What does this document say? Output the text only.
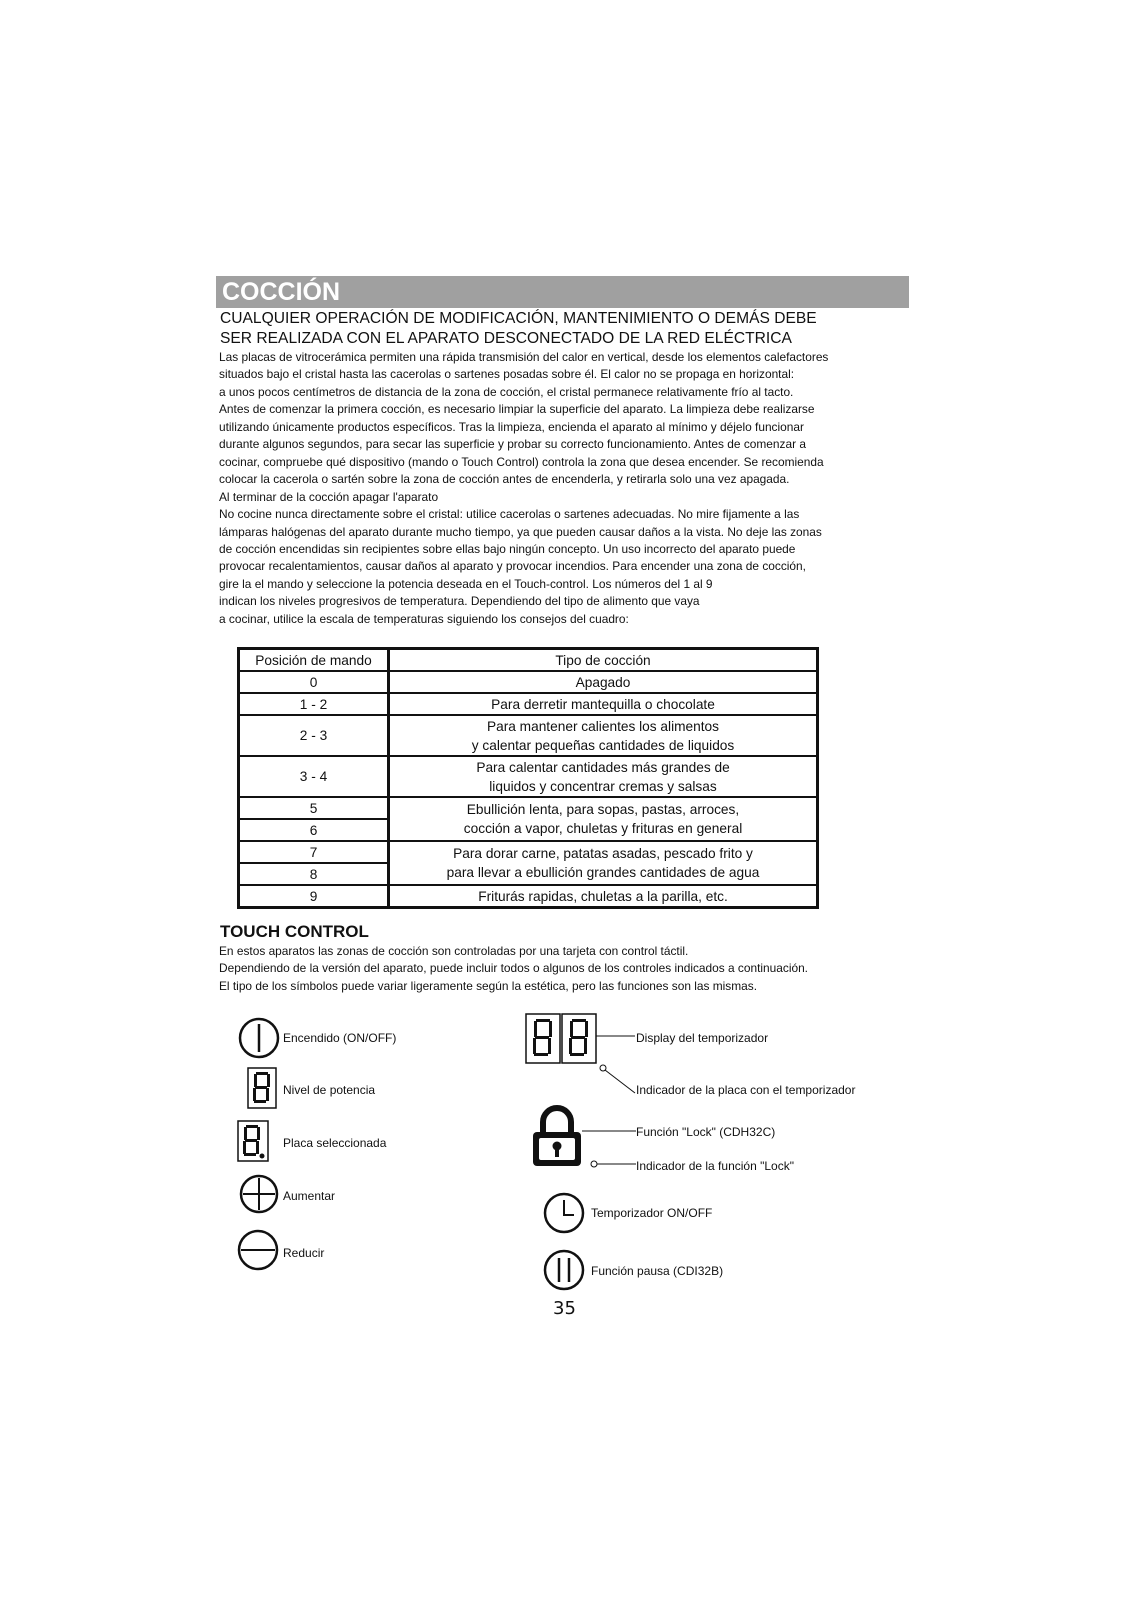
COCCIÓN
CUALQUIER OPERACIÓN DE MODIFICACIÓN, MANTENIMIENTO O DEMÁS DEBE
SER REALIZADA CON EL APARATO DESCONECTADO DE LA RED ELÉCTRICA
Las placas de vitrocerámica permiten una rápida transmisión del calor en vertical, desde los elementos calefactores
situados bajo el cristal hasta las cacerolas o sartenes posadas sobre él. El calor no se propaga en horizontal:
a unos pocos centímetros de distancia de la zona de cocción, el cristal permanece relativamente frío al tacto.
Antes de comenzar la primera cocción, es necesario limpiar la superficie del aparato. La limpieza debe realizarse
utilizando únicamente productos específicos. Tras la limpieza, encienda el aparato al mínimo y déjelo funcionar
durante algunos segundos, para secar las superficie y probar su correcto funcionamiento. Antes de comenzar a
cocinar, compruebe qué dispositivo (mando o Touch Control) controla la zona que desea encender. Se recomienda
colocar la cacerola o sartén sobre la zona de cocción antes de encenderla, y retirarla solo una vez apagada.
Al terminar de la cocción apagar l'aparato
No cocine nunca directamente sobre el cristal: utilice cacerolas o sartenes adecuadas. No mire fijamente a las
lámparas halógenas del aparato durante mucho tiempo, ya que pueden causar daños a la vista. No deje las zonas
de cocción encendidas sin recipientes sobre ellas bajo ningún concepto. Un uso incorrecto del aparato puede
provocar recalentamientos, causar daños al aparato y provocar incendios. Para encender una zona de cocción,
gire la el mando y seleccione la potencia deseada en el Touch-control. Los números del 1 al 9
indican los niveles progresivos de temperatura. Dependiendo del tipo de alimento que vaya
a cocinar, utilice la escala de temperaturas siguiendo los consejos del cuadro:
Posición de mando	Tipo de cocción
0	Apagado
1 - 2	Para derretir mantequilla o chocolate
2 - 3	Para mantener calientes los alimentos
y calentar pequeñas cantidades de liquidos

3 - 4	Para calentar cantidades más grandes de
liquidos y concentrar cremas y salsas

5	Ebullición lenta, para sopas, pastas, arroces,
cocción a vapor, chuletas y frituras en general

6	
7	Para dorar carne, patatas asadas, pescado frito y
para llevar a ebullición grandes cantidades de agua

8	
9	Friturás rapidas, chuletas a la parilla, etc.
TOUCH CONTROL
En estos aparatos las zonas de cocción son controladas por una tarjeta con control táctil.
Dependiendo de la versión del aparato, puede incluir todos o algunos de los controles indicados a continuación.
El tipo de los símbolos puede variar ligeramente según la estética, pero las funciones son las mismas.
Encendido (ON/OFF)
Nivel de potencia
Placa seleccionada
Aumentar
Reducir
Display del temporizador
Indicador de la placa con el temporizador
Función "Lock" (CDH32C)
Indicador de la función "Lock"
Temporizador ON/OFF
Función pausa (CDI32B)
35
